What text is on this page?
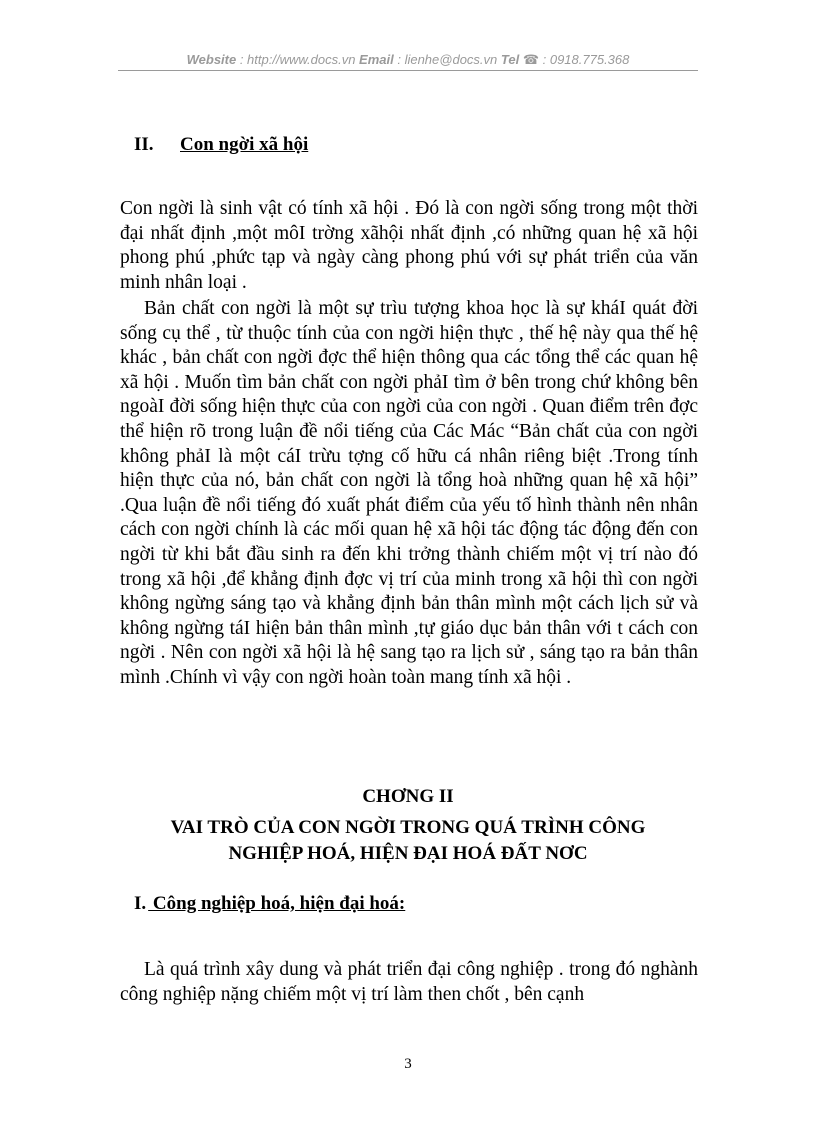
Website : http://www.docs.vn Email : lienhe@docs.vn Tel ☎ : 0918.775.368
II. Con ngời xã hội

Con ngời là sinh vật có tính xã hội . Đó là con ngời sống trong một thời đại nhất định ,một môI trờng xãhội nhất định ,có những quan hệ xã hội phong phú ,phức tạp và ngày càng phong phú với sự phát triển của văn minh nhân loại .

Bản chất con ngời là một sự trìu tượng khoa học là sự kháI quát đời sống cụ thể , từ thuộc tính của con ngời hiện thực , thế hệ này qua thế hệ khác , bản chất con ngời đợc thể hiện thông qua các tổng thể các quan hệ xã hội . Muốn tìm bản chất con ngời phảI tìm ở bên trong chứ không bên ngoàI đời sống hiện thực của con ngời của con ngời . Quan điểm trên đợc thể hiện rõ trong luận đề nổi tiếng của Các Mác “Bản chất của con ngời không phảI là một cáI trừu tợng cố hữu cá nhân riêng biệt .Trong tính hiện thực của nó, bản chất con ngời là tổng hoà những quan hệ xã hội” .Qua luận đề nổi tiếng đó xuất phát điểm của yếu tố hình thành nên nhân cách con ngời chính là các mối quan hệ xã hội tác động tác động đến con ngời từ khi bắt đầu sinh ra đến khi trởng thành chiếm một vị trí nào đó trong xã hội ,để khẳng định đợc vị trí của minh trong xã hội thì con ngời không ngừng sáng tạo và khẳng định bản thân mình một cách lịch sử và không ngừng táI hiện bản thân mình ,tự giáo dục bản thân với t cách con ngời . Nên con ngời xã hội là hệ sang tạo ra lịch sử , sáng tạo ra bản thân mình .Chính vì vậy con ngời hoàn toàn mang tính xã hội .

CHƠNG II
VAI TRÒ CỦA CON NGỜI TRONG QUÁ TRÌNH CÔNG
NGHIỆP HOÁ, HIỆN ĐẠI HOÁ ĐẤT NƠC
I. Công nghiệp hoá, hiện đại hoá:

Là quá trình xây dung và phát triển đại công nghiệp . trong đó nghành công nghiệp nặng chiếm một vị trí làm then chốt , bên cạnh

3
